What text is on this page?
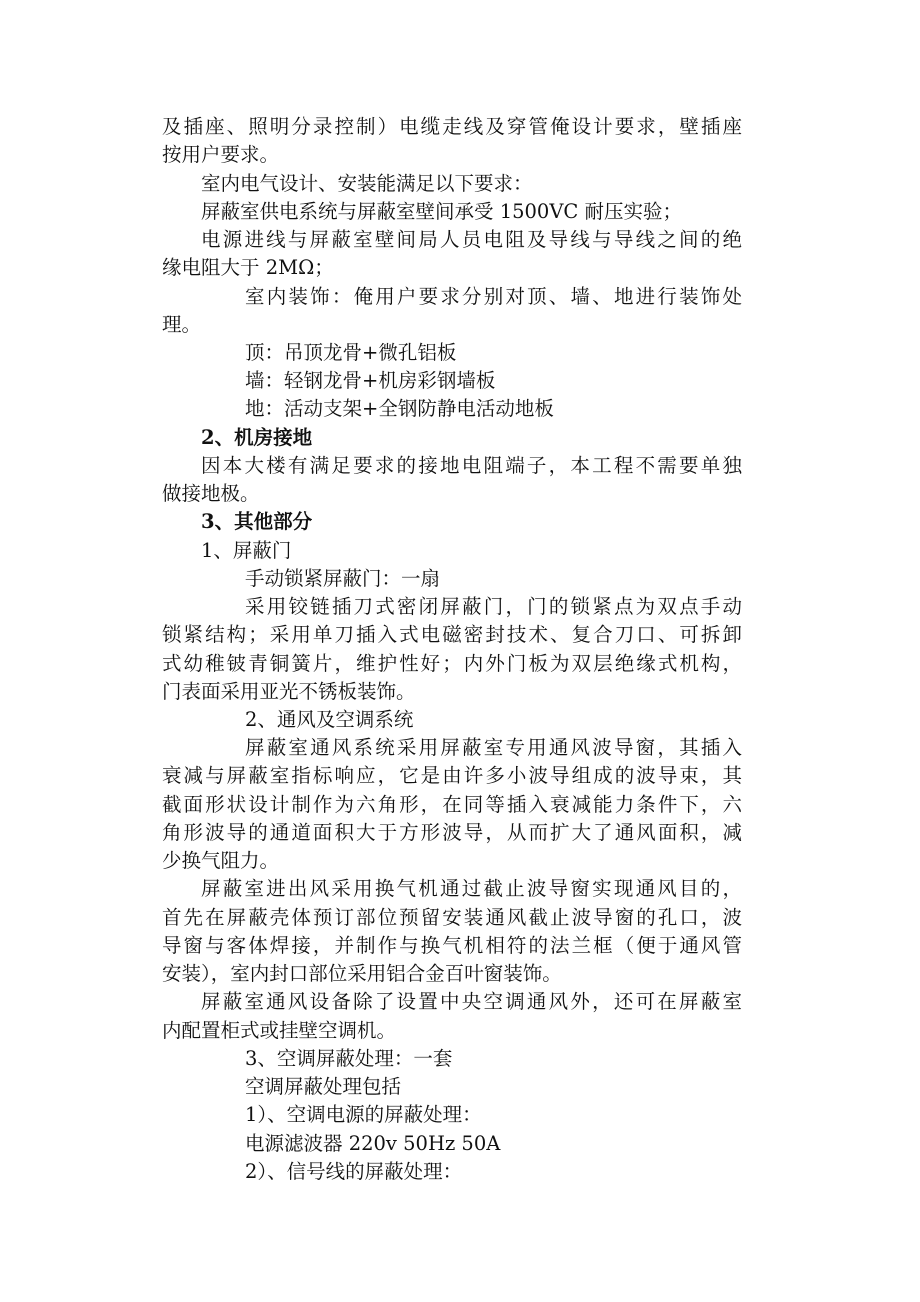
及插座、照明分录控制）电缆走线及穿管俺设计要求，壁插座

按用户要求。

室内电气设计、安装能满足以下要求：

屏蔽室供电系统与屏蔽室壁间承受 1500VC 耐压实验；

电源进线与屏蔽室壁间局人员电阻及导线与导线之间的绝

缘电阻大于 2MΩ；

室内装饰：俺用户要求分别对顶、墙、地进行装饰处

理。

顶：吊顶龙骨+微孔铝板

墙：轻钢龙骨+机房彩钢墙板

地：活动支架+全钢防静电活动地板

2、机房接地

因本大楼有满足要求的接地电阻端子，本工程不需要单独

做接地极。

3、其他部分

1、屏蔽门

手动锁紧屏蔽门：一扇

采用铰链插刀式密闭屏蔽门，门的锁紧点为双点手动

锁紧结构；采用单刀插入式电磁密封技术、复合刀口、可拆卸

式幼稚铍青铜簧片，维护性好；内外门板为双层绝缘式机构，

门表面采用亚光不锈板装饰。

2、通风及空调系统

屏蔽室通风系统采用屏蔽室专用通风波导窗，其插入

衰减与屏蔽室指标响应，它是由许多小波导组成的波导束，其

截面形状设计制作为六角形，在同等插入衰减能力条件下，六

角形波导的通道面积大于方形波导，从而扩大了通风面积，减

少换气阻力。

屏蔽室进出风采用换气机通过截止波导窗实现通风目的，

首先在屏蔽壳体预订部位预留安装通风截止波导窗的孔口，波

导窗与客体焊接，并制作与换气机相符的法兰框（便于通风管

安装），室内封口部位采用铝合金百叶窗装饰。

屏蔽室通风设备除了设置中央空调通风外，还可在屏蔽室

内配置柜式或挂壁空调机。

3、空调屏蔽处理：一套

空调屏蔽处理包括

1）、空调电源的屏蔽处理：

电源滤波器 220v 50Hz 50A

2）、信号线的屏蔽处理：
